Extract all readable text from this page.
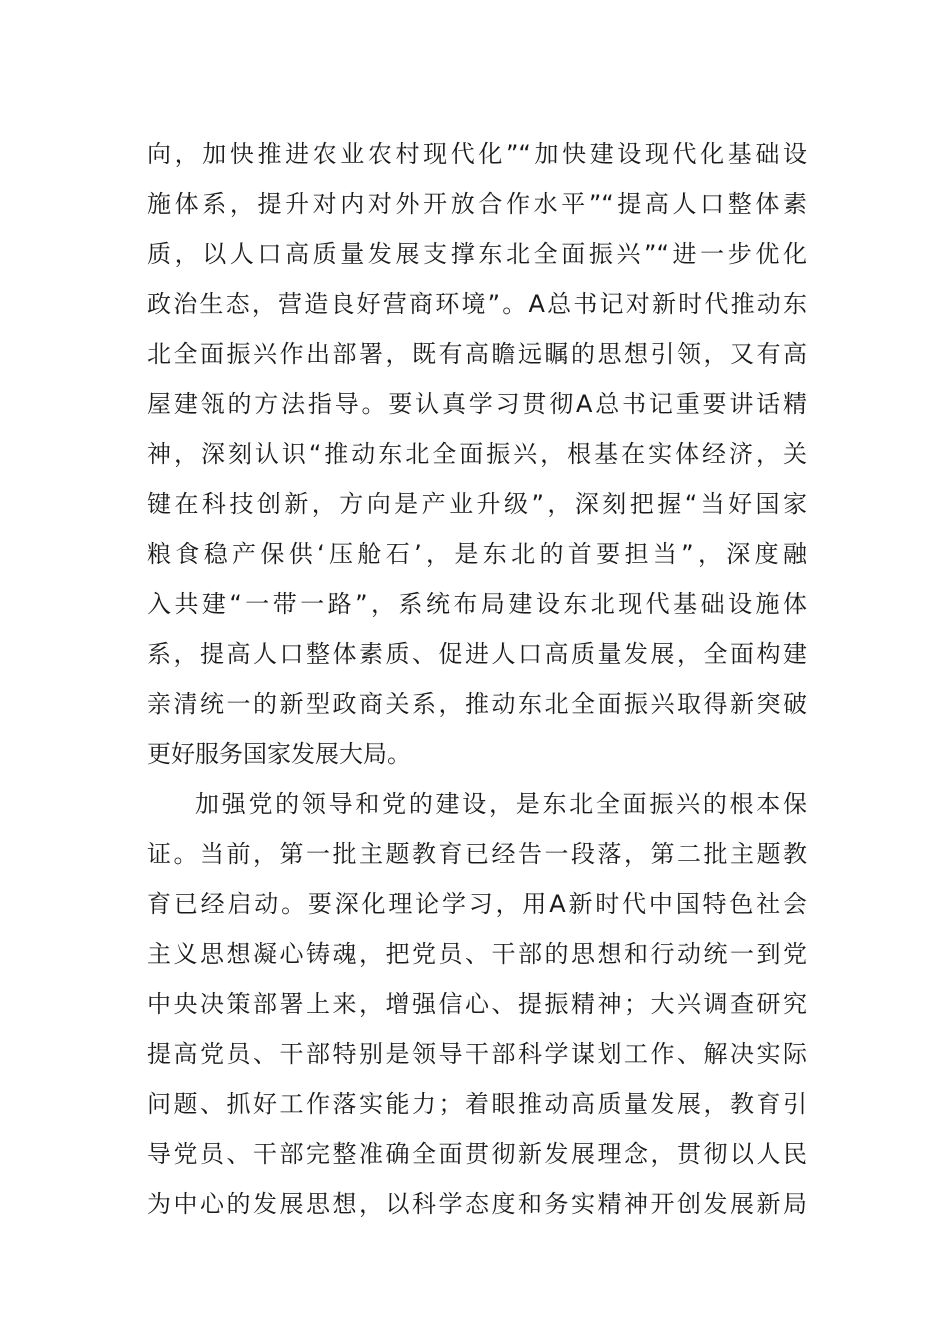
向，加快推进农业农村现代化”“加快建设现代化基础设
施体系，提升对内对外开放合作水平”“提高人口整体素
质，以人口高质量发展支撑东北全面振兴”“进一步优化
政治生态，营造良好营商环境”。A总书记对新时代推动东
北全面振兴作出部署，既有高瞻远瞩的思想引领，又有高
屋建瓴的方法指导。要认真学习贯彻A总书记重要讲话精
神，深刻认识“推动东北全面振兴，根基在实体经济，关
键在科技创新，方向是产业升级”，深刻把握“当好国家
粮食稳产保供‘压舱石’，是东北的首要担当”，深度融
入共建“一带一路”，系统布局建设东北现代基础设施体
系，提高人口整体素质、促进人口高质量发展，全面构建
亲清统一的新型政商关系，推动东北全面振兴取得新突破
更好服务国家发展大局。
加强党的领导和党的建设，是东北全面振兴的根本保
证。当前，第一批主题教育已经告一段落，第二批主题教
育已经启动。要深化理论学习，用A新时代中国特色社会
主义思想凝心铸魂，把党员、干部的思想和行动统一到党
中央决策部署上来，增强信心、提振精神；大兴调查研究
提高党员、干部特别是领导干部科学谋划工作、解决实际
问题、抓好工作落实能力；着眼推动高质量发展，教育引
导党员、干部完整准确全面贯彻新发展理念，贯彻以人民
为中心的发展思想，以科学态度和务实精神开创发展新局
